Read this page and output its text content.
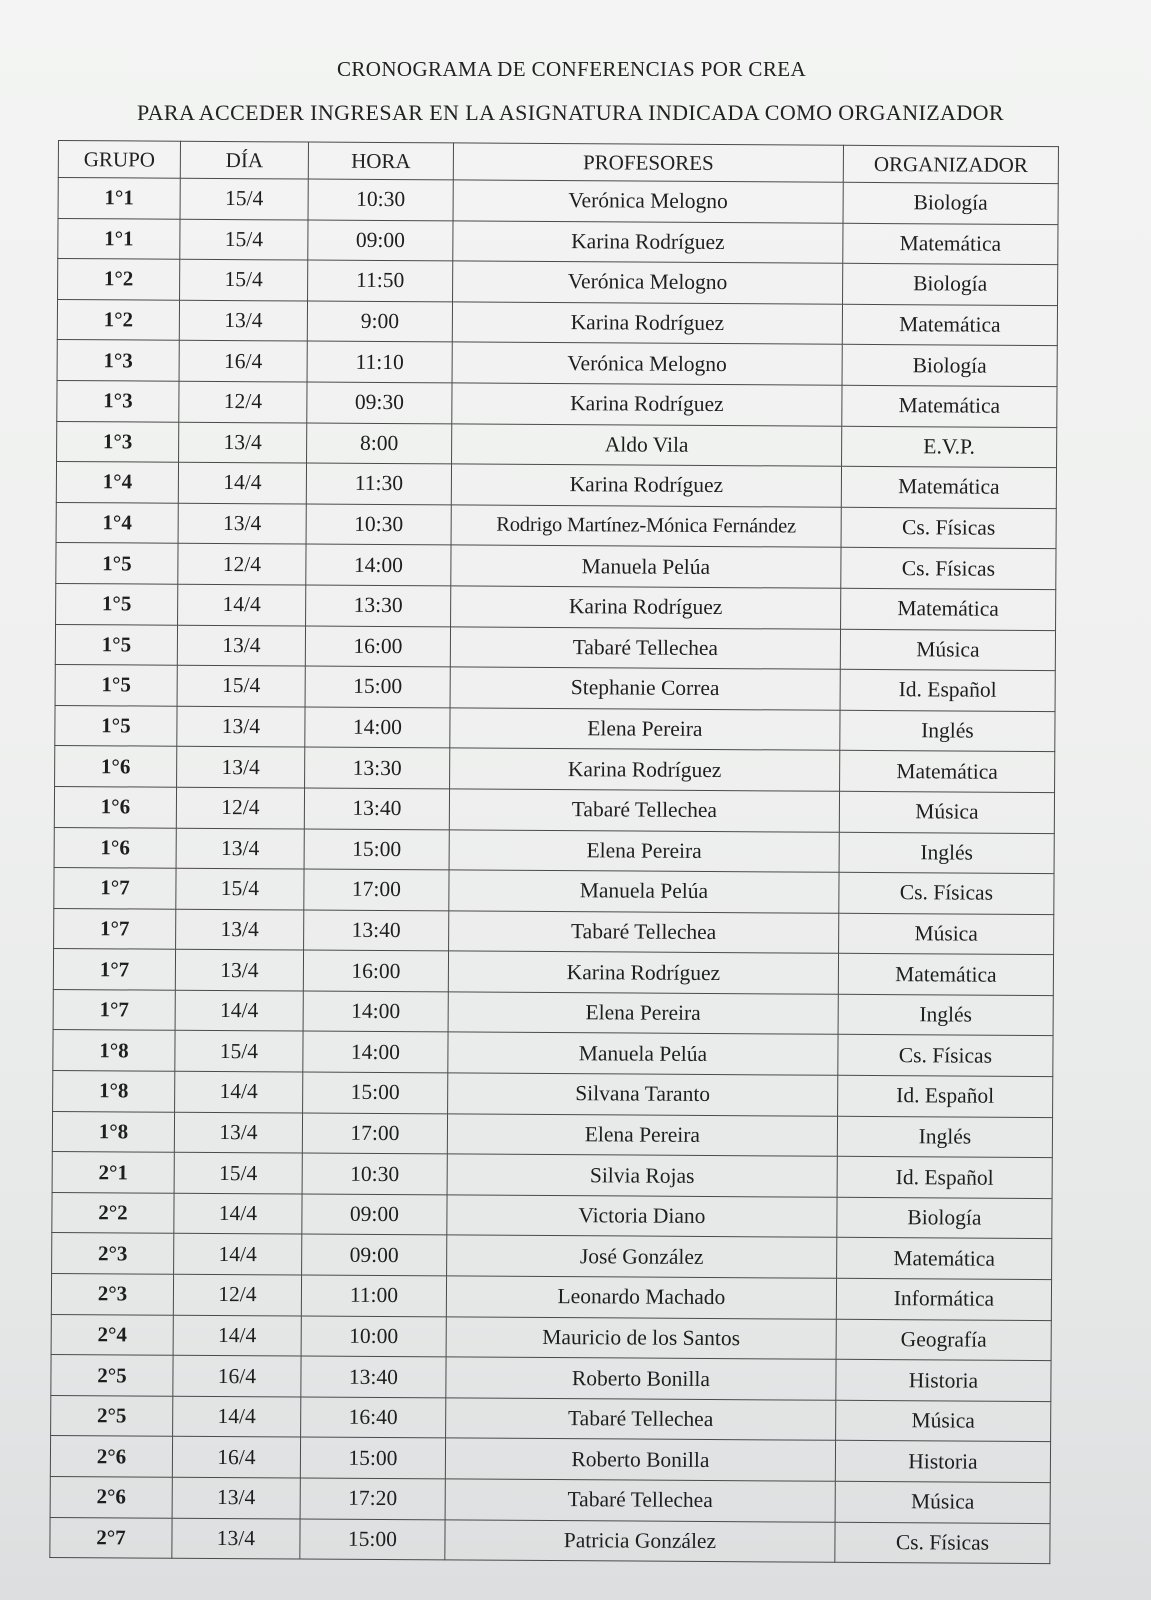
CRONOGRAMA DE CONFERENCIAS POR CREA
PARA ACCEDER INGRESAR EN LA ASIGNATURA INDICADA COMO ORGANIZADOR
GRUPO	DÍA	HORA	PROFESORES	ORGANIZADOR
1°1	15/4	10:30	Verónica Melogno	Biología
1°1	15/4	09:00	Karina Rodríguez	Matemática
1°2	15/4	11:50	Verónica Melogno	Biología
1°2	13/4	9:00	Karina Rodríguez	Matemática
1°3	16/4	11:10	Verónica Melogno	Biología
1°3	12/4	09:30	Karina Rodríguez	Matemática
1°3	13/4	8:00	Aldo Vila	E.V.P.
1°4	14/4	11:30	Karina Rodríguez	Matemática
1°4	13/4	10:30	Rodrigo Martínez-Mónica Fernández	Cs. Físicas
1°5	12/4	14:00	Manuela Pelúa	Cs. Físicas
1°5	14/4	13:30	Karina Rodríguez	Matemática
1°5	13/4	16:00	Tabaré Tellechea	Música
1°5	15/4	15:00	Stephanie Correa	Id. Español
1°5	13/4	14:00	Elena Pereira	Inglés
1°6	13/4	13:30	Karina Rodríguez	Matemática
1°6	12/4	13:40	Tabaré Tellechea	Música
1°6	13/4	15:00	Elena Pereira	Inglés
1°7	15/4	17:00	Manuela Pelúa	Cs. Físicas
1°7	13/4	13:40	Tabaré Tellechea	Música
1°7	13/4	16:00	Karina Rodríguez	Matemática
1°7	14/4	14:00	Elena Pereira	Inglés
1°8	15/4	14:00	Manuela Pelúa	Cs. Físicas
1°8	14/4	15:00	Silvana Taranto	Id. Español
1°8	13/4	17:00	Elena Pereira	Inglés
2°1	15/4	10:30	Silvia Rojas	Id. Español
2°2	14/4	09:00	Victoria Diano	Biología
2°3	14/4	09:00	José González	Matemática
2°3	12/4	11:00	Leonardo Machado	Informática
2°4	14/4	10:00	Mauricio de los Santos	Geografía
2°5	16/4	13:40	Roberto Bonilla	Historia
2°5	14/4	16:40	Tabaré Tellechea	Música
2°6	16/4	15:00	Roberto Bonilla	Historia
2°6	13/4	17:20	Tabaré Tellechea	Música
2°7	13/4	15:00	Patricia González	Cs. Físicas
